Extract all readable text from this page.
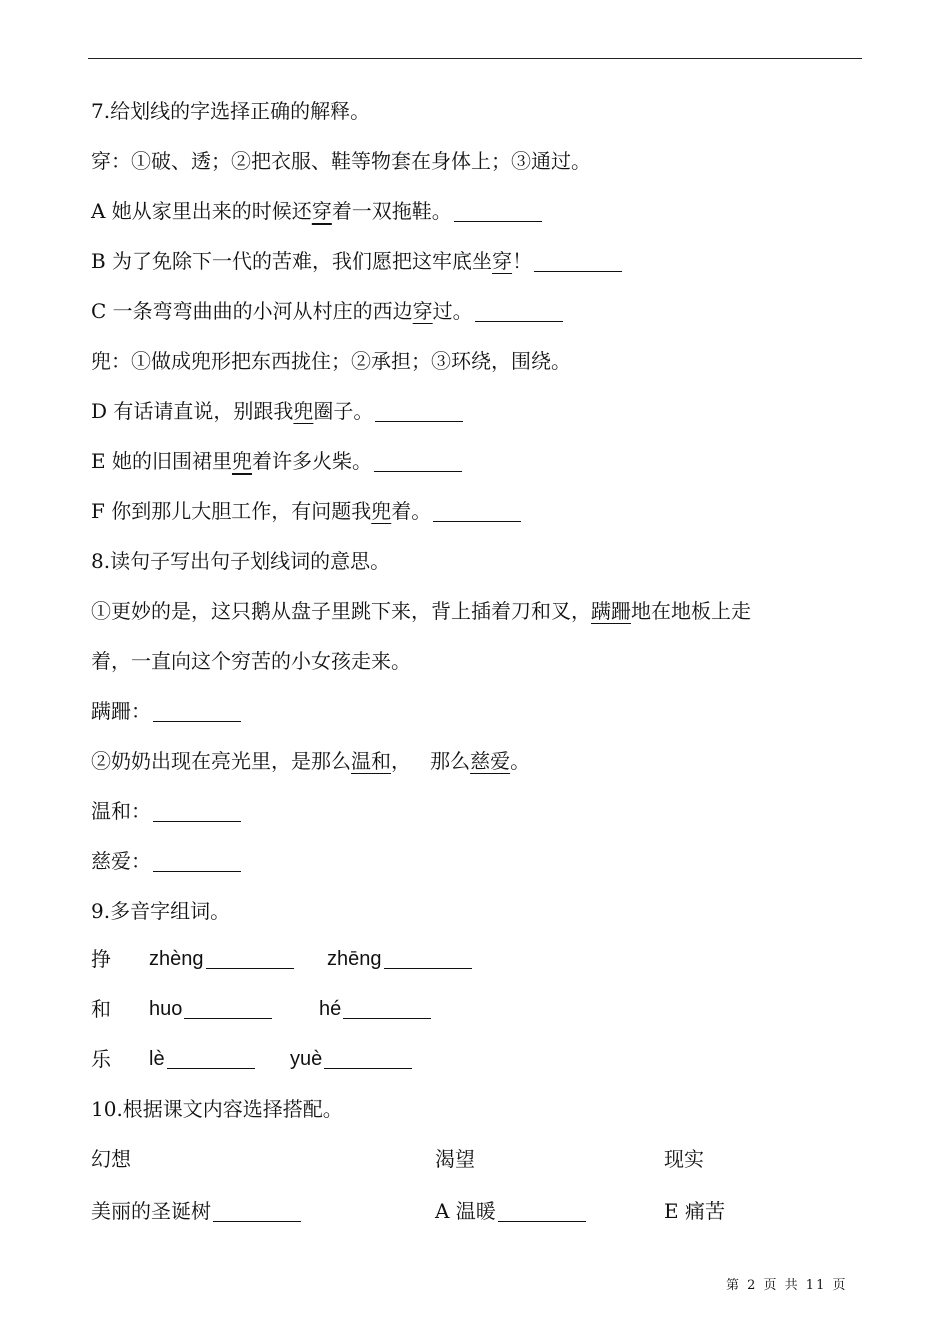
7.给划线的字选择正确的解释。
穿：①破、透；②把衣服、鞋等物套在身体上；③通过。
A 她从家里出来的时候还穿着一双拖鞋。
B 为了免除下一代的苦难，我们愿把这牢底坐穿！
C 一条弯弯曲曲的小河从村庄的西边穿过。
兜：①做成兜形把东西拢住；②承担；③环绕，围绕。
D 有话请直说，别跟我兜圈子。
E 她的旧围裙里兜着许多火柴。
F 你到那儿大胆工作，有问题我兜着。
8.读句子写出句子划线词的意思。
①更妙的是，这只鹅从盘子里跳下来，背上插着刀和叉，蹒跚地在地板上走
着，一直向这个穷苦的小女孩走来。
蹒跚：
②奶奶出现在亮光里，是那么温和，   那么慈爱。
温和：
慈爱：
9.多音字组词。
挣 zhèng	zhēng
和 huo	hé
乐 lè	yuè
10.根据课文内容选择搭配。
幻想	渴望	现实
美丽的圣诞树	A 温暖	E 痛苦
第 2 页 共 11 页
